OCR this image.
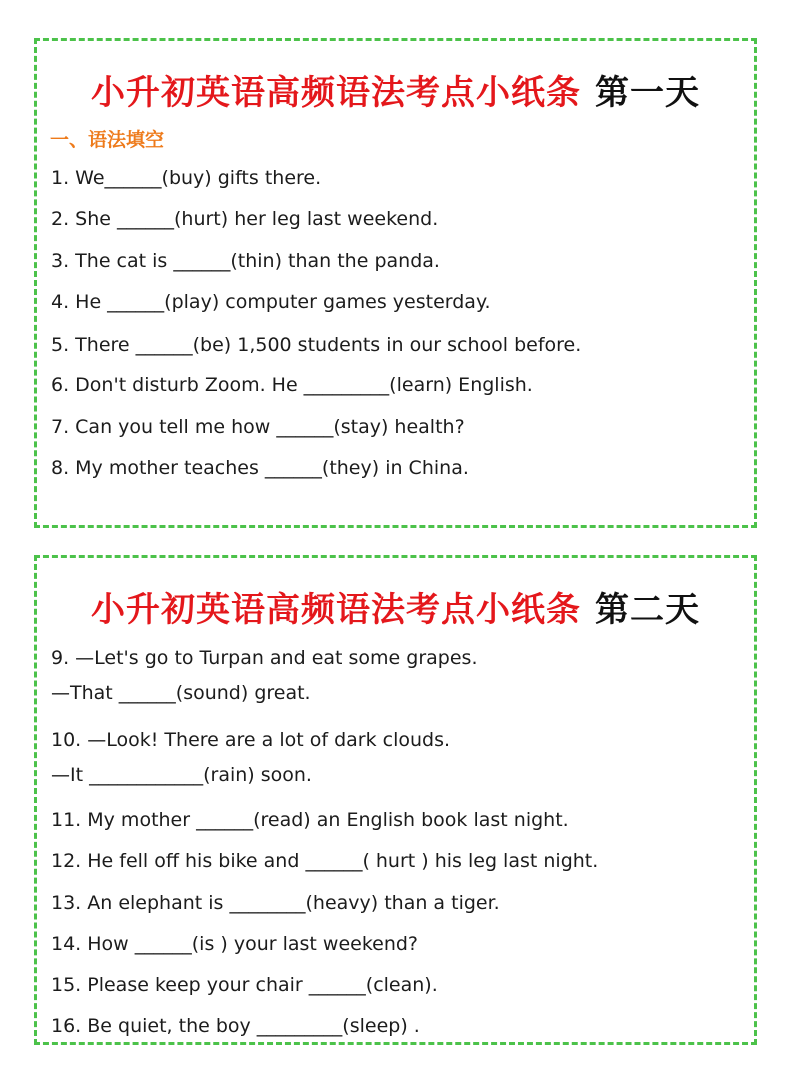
小升初英语高频语法考点小纸条 第一天
一、语法填空
1. We______(buy) gifts there.
2. She ______(hurt) her leg last weekend.
3. The cat is ______(thin) than the panda.
4. He ______(play) computer games yesterday.
5. There ______(be) 1,500 students in our school before.
6. Don't disturb Zoom. He _________(learn) English.
7. Can you tell me how ______(stay) health?
8. My mother teaches ______(they) in China.
小升初英语高频语法考点小纸条 第二天
9. —Let's go to Turpan and eat some grapes.
—That ______(sound) great.
10. —Look! There are a lot of dark clouds.
—It ____________(rain) soon.
11. My mother ______(read) an English book last night.
12. He fell off his bike and ______( hurt ) his leg last night.
13. An elephant is ________(heavy) than a tiger.
14. How ______(is ) your last weekend?
15. Please keep your chair ______(clean).
16. Be quiet, the boy _________(sleep) .
